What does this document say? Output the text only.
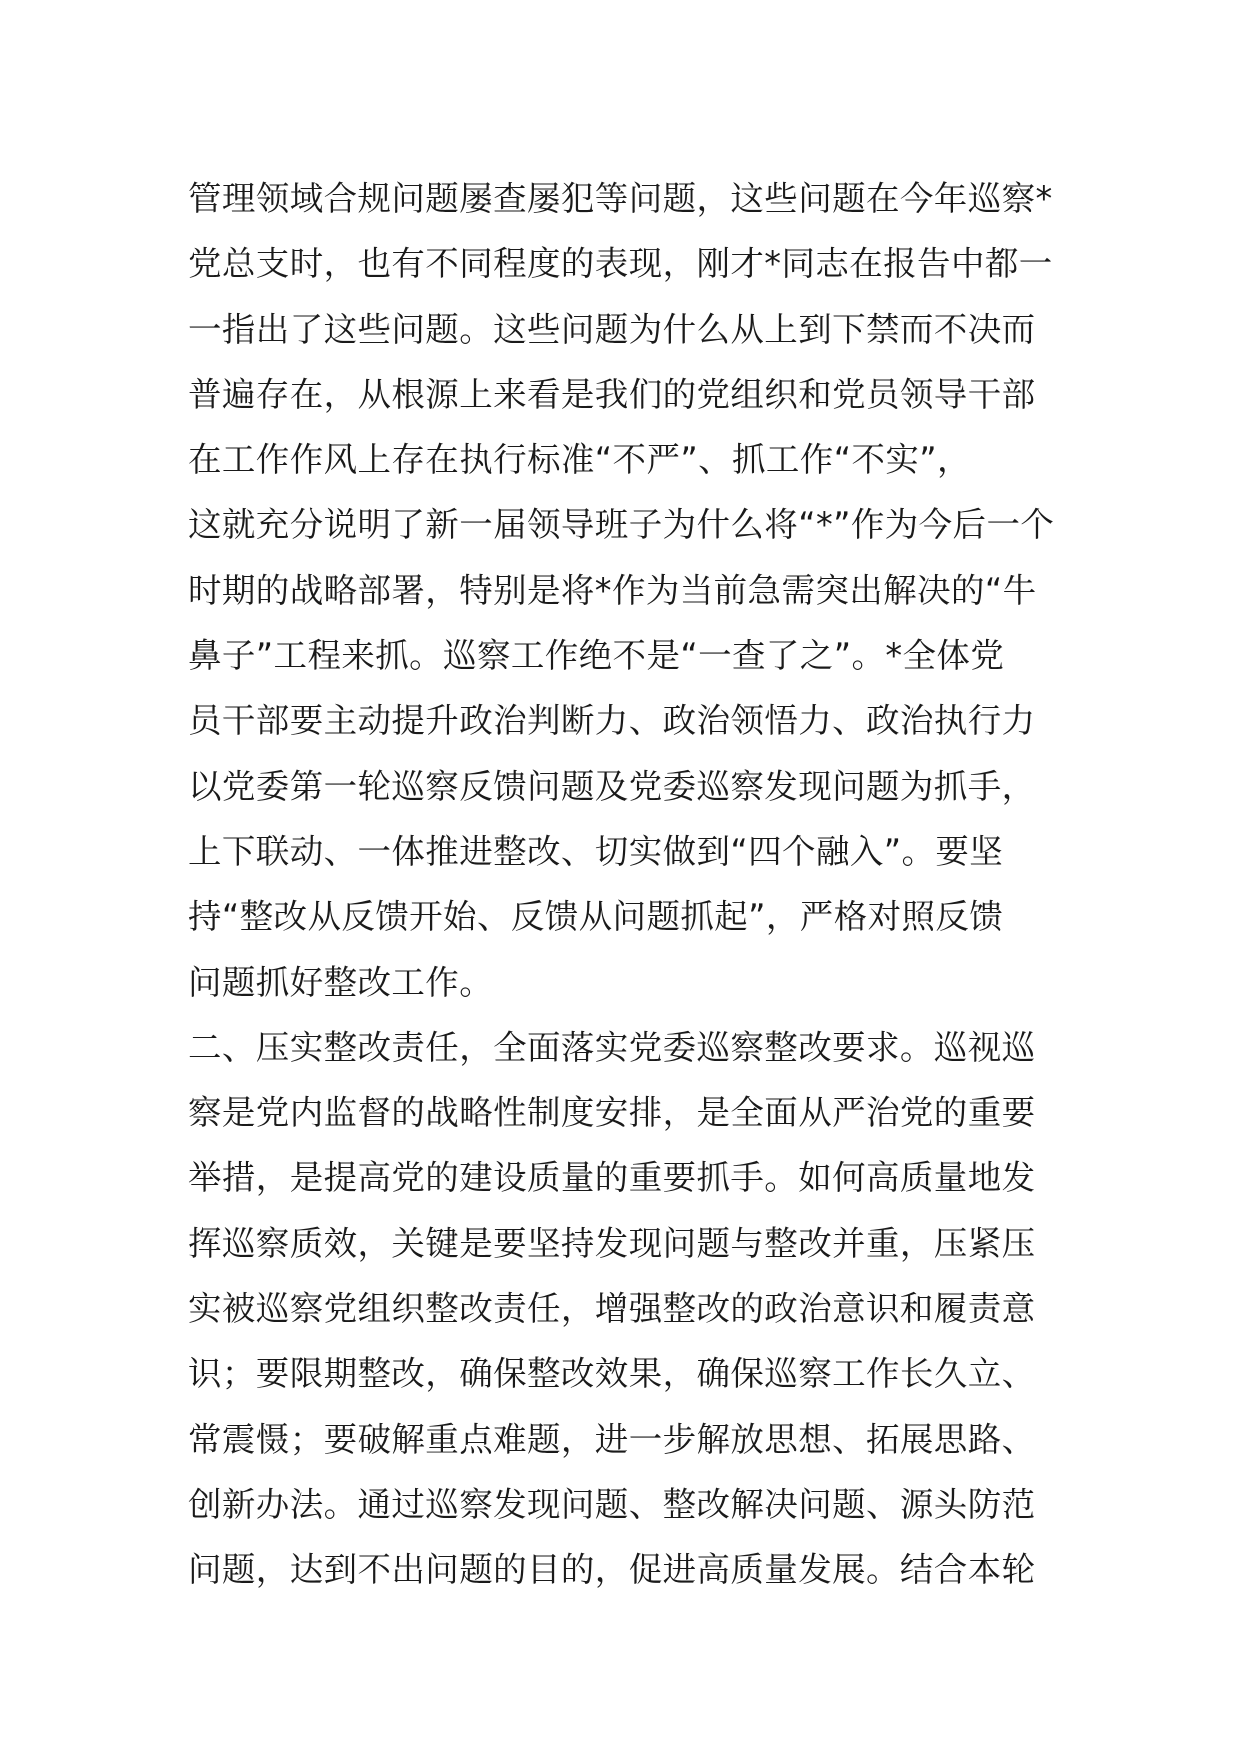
管理领域合规问题屡查屡犯等问题，这些问题在今年巡察*
党总支时，也有不同程度的表现，刚才*同志在报告中都一
一指出了这些问题。这些问题为什么从上到下禁而不决而
普遍存在，从根源上来看是我们的党组织和党员领导干部
在工作作风上存在执行标准“不严”、抓工作“不实”，
这就充分说明了新一届领导班子为什么将“*”作为今后一个
时期的战略部署，特别是将*作为当前急需突出解决的“牛
鼻子”工程来抓。巡察工作绝不是“一查了之”。*全体党
员干部要主动提升政治判断力、政治领悟力、政治执行力
以党委第一轮巡察反馈问题及党委巡察发现问题为抓手，
上下联动、一体推进整改、切实做到“四个融入”。要坚
持“整改从反馈开始、反馈从问题抓起”，严格对照反馈
问题抓好整改工作。
二、压实整改责任，全面落实党委巡察整改要求。巡视巡
察是党内监督的战略性制度安排，是全面从严治党的重要
举措，是提高党的建设质量的重要抓手。如何高质量地发
挥巡察质效，关键是要坚持发现问题与整改并重，压紧压
实被巡察党组织整改责任，增强整改的政治意识和履责意
识；要限期整改，确保整改效果，确保巡察工作长久立、
常震慑；要破解重点难题，进一步解放思想、拓展思路、
创新办法。通过巡察发现问题、整改解决问题、源头防范
问题，达到不出问题的目的，促进高质量发展。结合本轮
